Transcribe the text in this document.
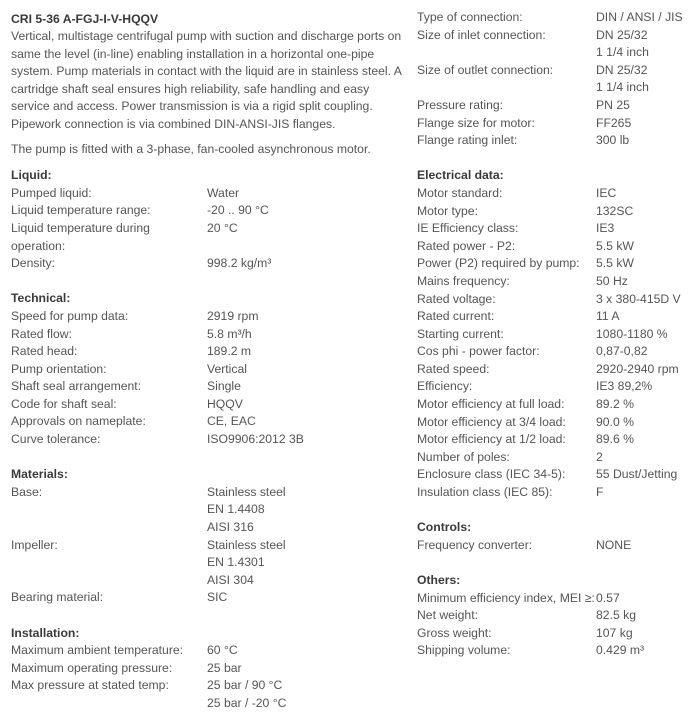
CRI 5-36 A-FGJ-I-V-HQQV
Vertical, multistage centrifugal pump with suction and discharge ports on same the level (in-line) enabling installation in a horizontal one-pipe system. Pump materials in contact with the liquid are in stainless steel. A cartridge shaft seal ensures high reliability, safe handling and easy service and access. Power transmission is via a rigid split coupling. Pipework connection is via combined DIN-ANSI-JIS flanges.
The pump is fitted with a 3-phase, fan-cooled asynchronous motor.
Liquid:
Pumped liquid:	Water
Liquid temperature range:	-20 .. 90 °C
Liquid temperature during operation:
20 °C
Density:	998.2 kg/m³
Technical:
Speed for pump data:	2919 rpm
Rated flow:	5.8 m³/h
Rated head:	189.2 m
Pump orientation:	Vertical
Shaft seal arrangement:	Single
Code for shaft seal:	HQQV
Approvals on nameplate:	CE, EAC
Curve tolerance:	ISO9906:2012 3B
Materials:
Base:	Stainless steel
EN 1.4408
AISI 316
Impeller:	Stainless steel
EN 1.4301
AISI 304
Bearing material:	SIC
Installation:
Maximum ambient temperature:	60 °C
Maximum operating pressure:	25 bar
Max pressure at stated temp:	25 bar / 90 °C
25 bar / -20 °C
Type of connection:	DIN / ANSI / JIS
Size of inlet connection:	DN 25/32
1 1/4 inch
Size of outlet connection:	DN 25/32
1 1/4 inch
Pressure rating:	PN 25
Flange size for motor:	FF265
Flange rating inlet:	300 lb
Electrical data:
Motor standard:	IEC
Motor type:	132SC
IE Efficiency class:	IE3
Rated power - P2:	5.5 kW
Power (P2) required by pump:	5.5 kW
Mains frequency:	50 Hz
Rated voltage:	3 x 380-415D V
Rated current:	11 A
Starting current:	1080-1180 %
Cos phi - power factor:	0,87-0,82
Rated speed:	2920-2940 rpm
Efficiency:	IE3 89,2%
Motor efficiency at full load:	89.2 %
Motor efficiency at 3/4 load:	90.0 %
Motor efficiency at 1/2 load:	89.6 %
Number of poles:	2
Enclosure class (IEC 34-5):	55 Dust/Jetting
Insulation class (IEC 85):	F
Controls:
Frequency converter:	NONE
Others:
Minimum efficiency index, MEI ≥: 0.57
Net weight:	82.5 kg
Gross weight:	107 kg
Shipping volume:	0.429 m³
